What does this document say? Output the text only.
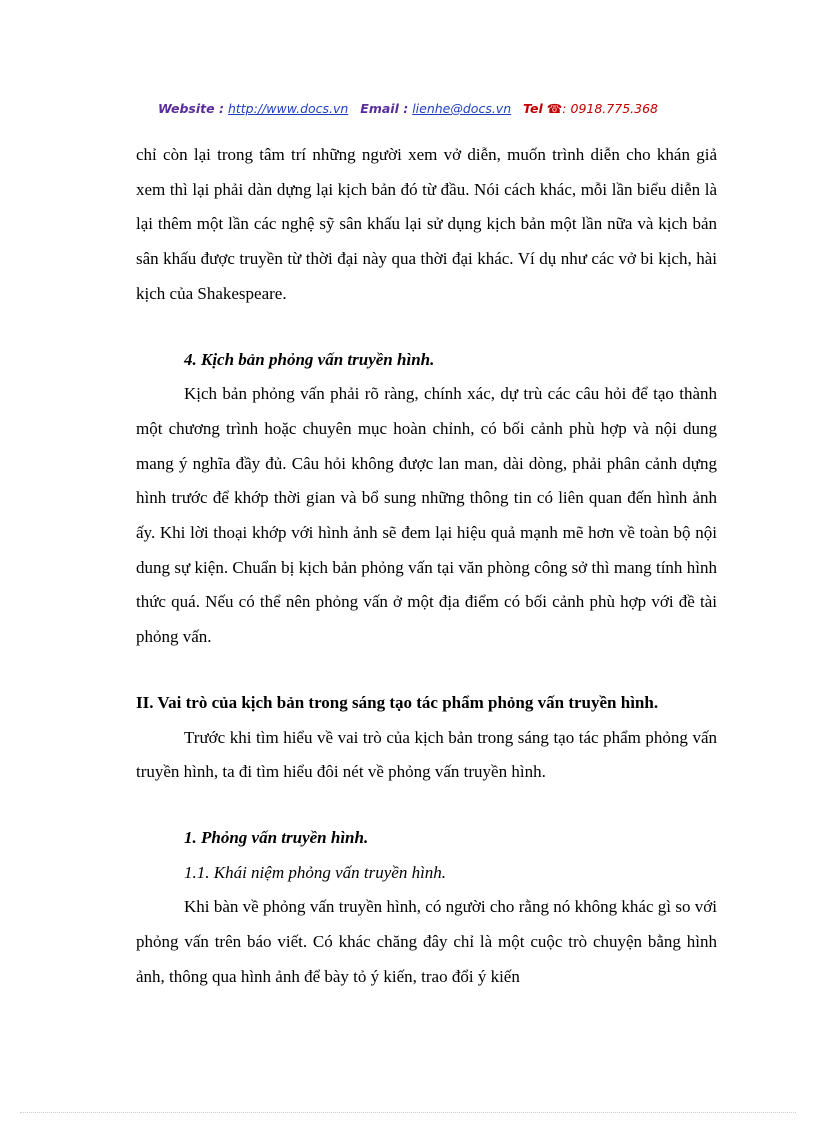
Website : http://www.docs.vn Email : lienhe@docs.vn Tel ☎: 0918.775.368

chỉ còn lại trong tâm trí những người xem vở diễn, muốn trình diễn cho khán giả xem thì lại phải dàn dựng lại kịch bản đó từ đầu. Nói cách khác, mỗi lần biểu diễn là lại thêm một lần các nghệ sỹ sân khấu lại sử dụng kịch bản một lần nữa và kịch bản sân khấu được truyền từ thời đại này qua thời đại khác. Ví dụ như các vở bi kịch, hài kịch của Shakespeare.

4. Kịch bản phỏng vấn truyền hình.

Kịch bản phỏng vấn phải rõ ràng, chính xác, dự trù các câu hỏi để tạo thành một chương trình hoặc chuyên mục hoàn chỉnh, có bối cảnh phù hợp và nội dung mang ý nghĩa đầy đủ. Câu hỏi không được lan man, dài dòng, phải phân cảnh dựng hình trước để khớp thời gian và bổ sung những thông tin có liên quan đến hình ảnh ấy. Khi lời thoại khớp với hình ảnh sẽ đem lại hiệu quả mạnh mẽ hơn về toàn bộ nội dung sự kiện. Chuẩn bị kịch bản phỏng vấn tại văn phòng công sở thì mang tính hình thức quá. Nếu có thể nên phỏng vấn ở một địa điểm có bối cảnh phù hợp với đề tài phỏng vấn.

II. Vai trò của kịch bản trong sáng tạo tác phẩm phỏng vấn truyền hình.

Trước khi tìm hiểu về vai trò của kịch bản trong sáng tạo tác phẩm phỏng vấn truyền hình, ta đi tìm hiểu đôi nét về phỏng vấn truyền hình.

1. Phỏng vấn truyền hình.

1.1. Khái niệm phỏng vấn truyền hình.

Khi bàn về phỏng vấn truyền hình, có người cho rằng nó không khác gì so với phỏng vấn trên báo viết. Có khác chăng đây chỉ là một cuộc trò chuyện bằng hình ảnh, thông qua hình ảnh để bày tỏ ý kiến, trao đổi ý kiến
